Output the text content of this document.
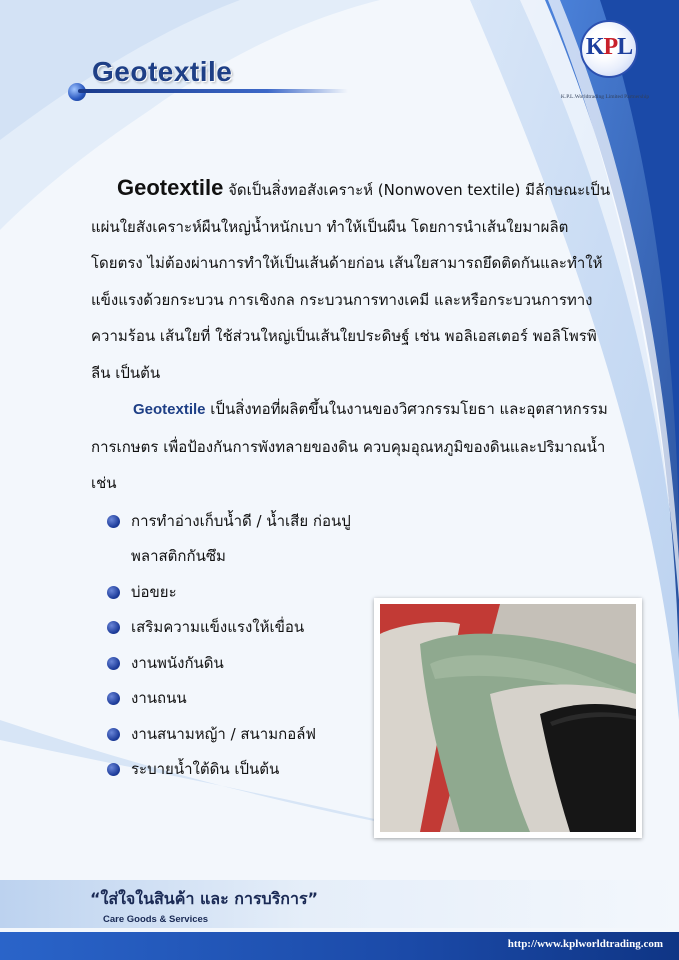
Geotextile
KPL
K.P.L.Worldtrading Limited Partnership
Geotextile จัดเป็นสิ่งทอสังเคราะห์ (Nonwoven textile) มีลักษณะเป็นแผ่นใยสังเคราะห์ผืนใหญ่น้ำหนักเบา ทำให้เป็นผืน โดยการนำเส้นใยมาผลิตโดยตรง ไม่ต้องผ่านการทำให้เป็นเส้นด้ายก่อน เส้นใยสามารถยึดติดกันและทำให้แข็งแรงด้วยกระบวน การเชิงกล กระบวนการทางเคมี และหรือกระบวนการทาง ความร้อน เส้นใยที่ ใช้ส่วนใหญ่เป็นเส้นใยประดิษฐ์ เช่น พอลิเอสเตอร์ พอลิโพรพิ ลีน เป็นต้น
Geotextile เป็นสิ่งทอที่ผลิตขึ้นในงานของวิศวกรรมโยธา และอุตสาหกรรมการเกษตร เพื่อป้องกันการพังทลายของดิน ควบคุมอุณหภูมิของดินและปริมาณน้ำ เช่น
การทำอ่างเก็บน้ำดี / น้ำเสีย ก่อนปูพลาสติกกันซึม
บ่อขยะ
เสริมความแข็งแรงให้เขื่อน
งานพนังกันดิน
งานถนน
งานสนามหญ้า / สนามกอล์ฟ
ระบายน้ำใต้ดิน เป็นต้น
“ใส่ใจในสินค้า และ การบริการ”
Care Goods & Services
http://www.kplworldtrading.com
